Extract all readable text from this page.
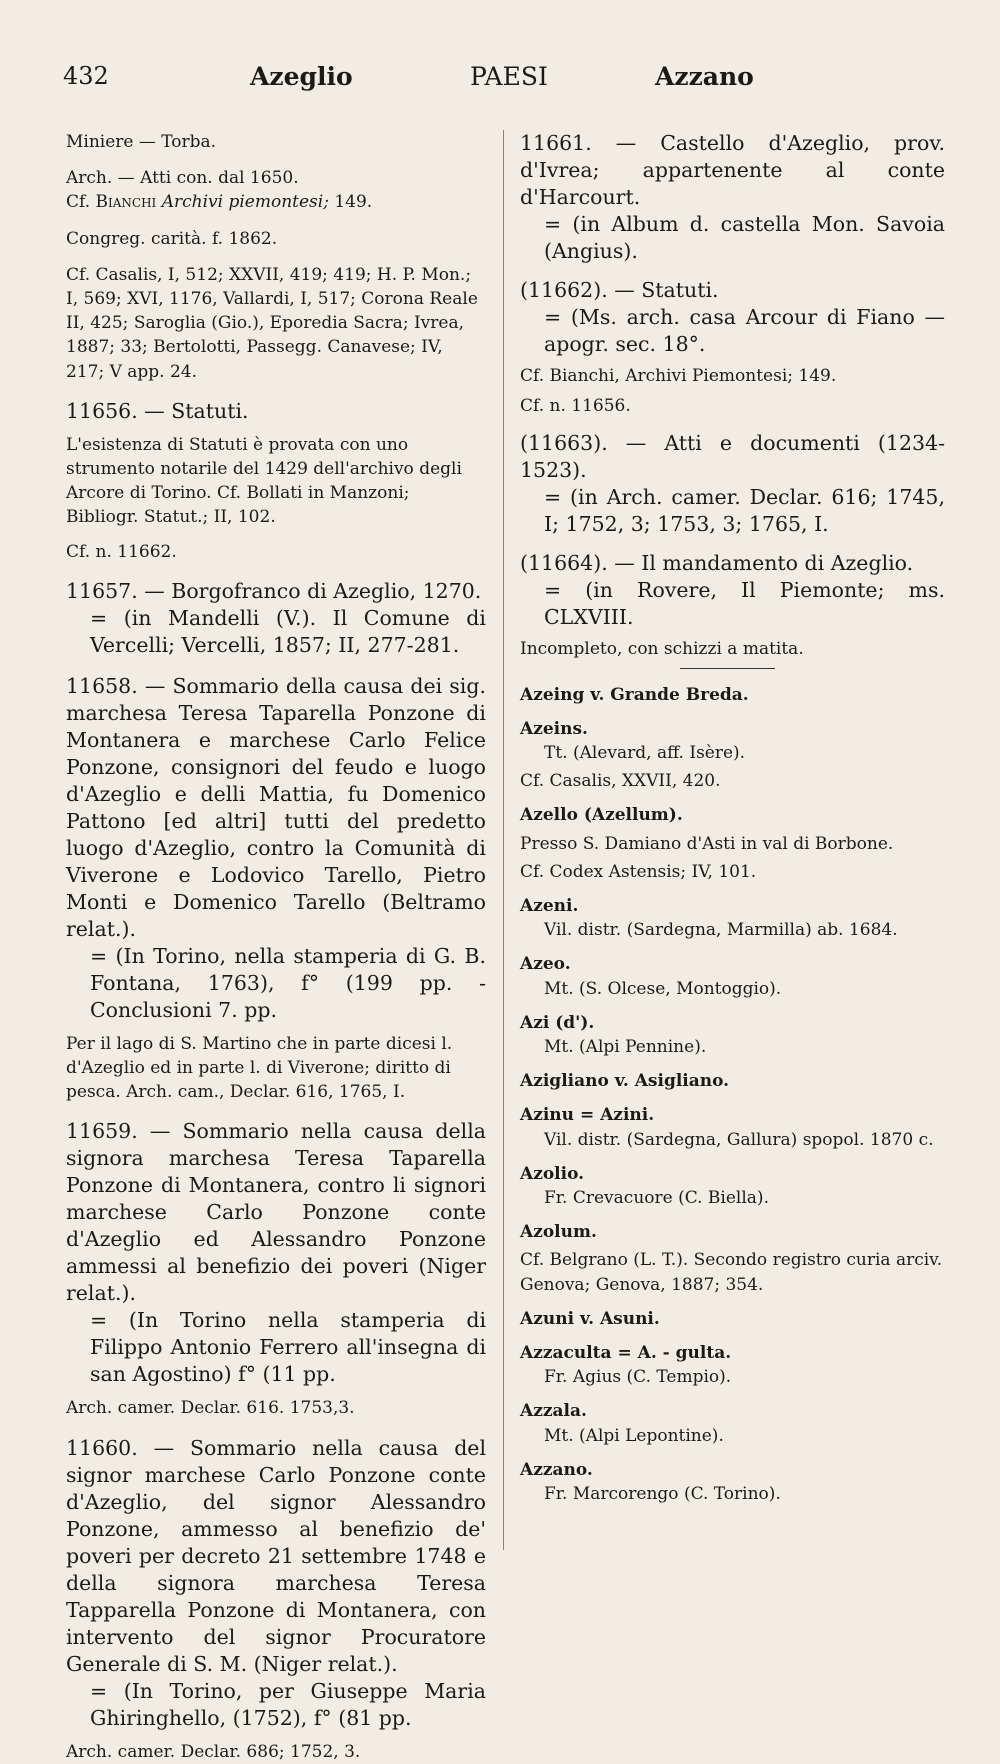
432	Azeglio	PAESI	Azzano

Miniere — Torba.

Arch. — Atti con. dal 1650.

Cf. Bianchi Archivi piemontesi; 149.

Congreg. carità. f. 1862.

Cf. Casalis, I, 512; XXVII, 419; 419; H. P. Mon.; I, 569; XVI, 1176, Vallardi, I, 517; Corona Reale II, 425; Saroglia (Gio.), Eporedia Sacra; Ivrea, 1887; 33; Bertolotti, Passegg. Canavese; IV, 217; V app. 24.

11656. — Statuti.

L'esistenza di Statuti è provata con uno strumento notarile del 1429 dell'archivo degli Arcore di Torino. Cf. Bollati in Manzoni; Bibliogr. Statut.; II, 102.

Cf. n. 11662.

11657. — Borgofranco di Azeglio, 1270.

= (in Mandelli (V.). Il Comune di Vercelli; Vercelli, 1857; II, 277-281.

11658. — Sommario della causa dei sig. marchesa Teresa Taparella Ponzone di Montanera e marchese Carlo Felice Ponzone, consignori del feudo e luogo d'Azeglio e delli Mattia, fu Domenico Pattono [ed altri] tutti del predetto luogo d'Azeglio, contro la Comunità di Viverone e Lodovico Tarello, Pietro Monti e Domenico Tarello (Beltramo relat.).

= (In Torino, nella stamperia di G. B. Fontana, 1763), f° (199 pp. - Conclusioni 7. pp.

Per il lago di S. Martino che in parte dicesi l. d'Azeglio ed in parte l. di Viverone; diritto di pesca. Arch. cam., Declar. 616, 1765, I.

11659. — Sommario nella causa della signora marchesa Teresa Taparella Ponzone di Montanera, contro li signori marchese Carlo Ponzone conte d'Azeglio ed Alessandro Ponzone ammessi al benefizio dei poveri (Niger relat.).

= (In Torino nella stamperia di Filippo Antonio Ferrero all'insegna di san Agostino) f° (11 pp.

Arch. camer. Declar. 616. 1753,3.

11660. — Sommario nella causa del signor marchese Carlo Ponzone conte d'Azeglio, del signor Alessandro Ponzone, ammesso al benefizio de' poveri per decreto 21 settembre 1748 e della signora marchesa Teresa Tapparella Ponzone di Montanera, con intervento del signor Procuratore Generale di S. M. (Niger relat.).

= (In Torino, per Giuseppe Maria Ghiringhello, (1752), f° (81 pp.

Arch. camer. Declar. 686; 1752, 3.

11661. — Castello d'Azeglio, prov. d'Ivrea; appartenente al conte d'Harcourt.

= (in Album d. castella Mon. Savoia (Angius).

(11662). — Statuti.

= (Ms. arch. casa Arcour di Fiano — apogr. sec. 18°.

Cf. Bianchi, Archivi Piemontesi; 149.

Cf. n. 11656.

(11663). — Atti e documenti (1234-1523).

= (in Arch. camer. Declar. 616; 1745, I; 1752, 3; 1753, 3; 1765, I.

(11664). — Il mandamento di Azeglio.

= (in Rovere, Il Piemonte; ms. CLXVIII.

Incompleto, con schizzi a matita.

Azeing v. Grande Breda.

Azeins.

Tt. (Alevard, aff. Isère).

Cf. Casalis, XXVII, 420.

Azello (Azellum).

Presso S. Damiano d'Asti in val di Borbone.

Cf. Codex Astensis; IV, 101.

Azeni.

Vil. distr. (Sardegna, Marmilla) ab. 1684.

Azeo.

Mt. (S. Olcese, Montoggio).

Azi (d').

Mt. (Alpi Pennine).

Azigliano v. Asigliano.

Azinu = Azini.

Vil. distr. (Sardegna, Gallura) spopol. 1870 c.

Azolio.

Fr. Crevacuore (C. Biella).

Azolum.

Cf. Belgrano (L. T.). Secondo registro curia arciv. Genova; Genova, 1887; 354.

Azuni v. Asuni.

Azzaculta = A. - gulta.

Fr. Agius (C. Tempio).

Azzala.

Mt. (Alpi Lepontine).

Azzano.

Fr. Marcorengo (C. Torino).
